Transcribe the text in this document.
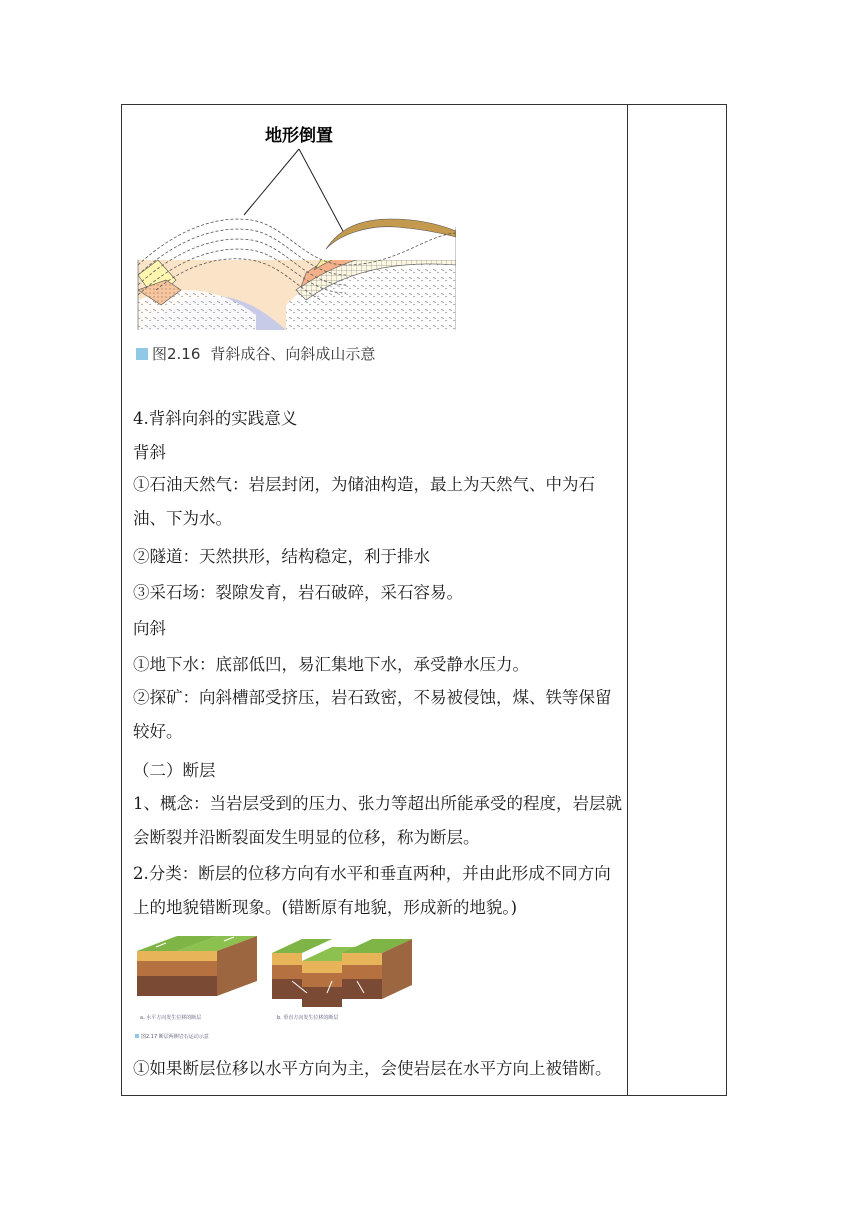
地形倒置
图2.16 背斜成谷、向斜成山示意
4.背斜向斜的实践意义
背斜
①石油天然气：岩层封闭，为储油构造，最上为天然气、中为石油、下为水。
②隧道：天然拱形，结构稳定，利于排水
③采石场：裂隙发育，岩石破碎，采石容易。
向斜
①地下水：底部低凹，易汇集地下水，承受静水压力。
②探矿：向斜槽部受挤压，岩石致密，不易被侵蚀，煤、铁等保留较好。
（二）断层
1、概念：当岩层受到的压力、张力等超出所能承受的程度，岩层就会断裂并沿断裂面发生明显的位移，称为断层。
2.分类：断层的位移方向有水平和垂直两种，并由此形成不同方向上的地貌错断现象。(错断原有地貌，形成新的地貌。)
a. 水平方向发生位移的断层	b. 垂直方向发生位移的断层
图2.17 断层两侧岩石运动示意
①如果断层位移以水平方向为主，会使岩层在水平方向上被错断。
